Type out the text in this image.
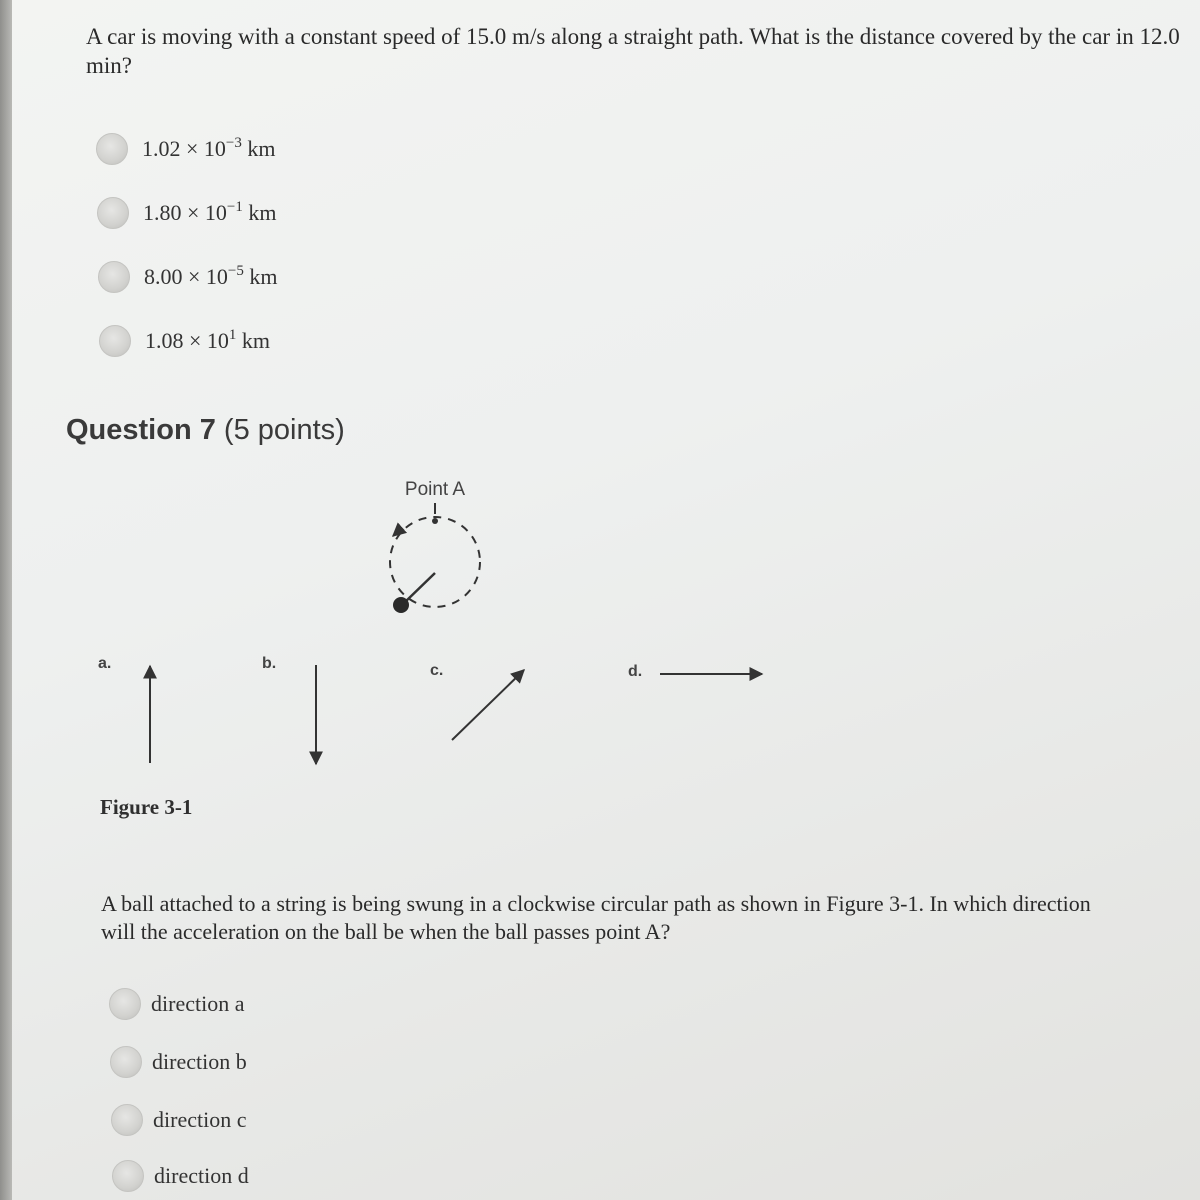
A car is moving with a constant speed of 15.0 m/s along a straight path. What is the distance covered by the car in 12.0 min?
$1.02 \times 10^{-3}$ km
$1.80 \times 10^{-1}$ km
$8.00 \times 10^{-5}$ km
$1.08 \times 10^1$ km
Question 7 (5 points)
Point A
a.	b.	c.	d.

Figure 3-1

A ball attached to a string is being swung in a clockwise circular path as shown in Figure 3-1. In which direction will the acceleration on the ball be when the ball passes point A?
direction a
direction b
direction c
direction d
